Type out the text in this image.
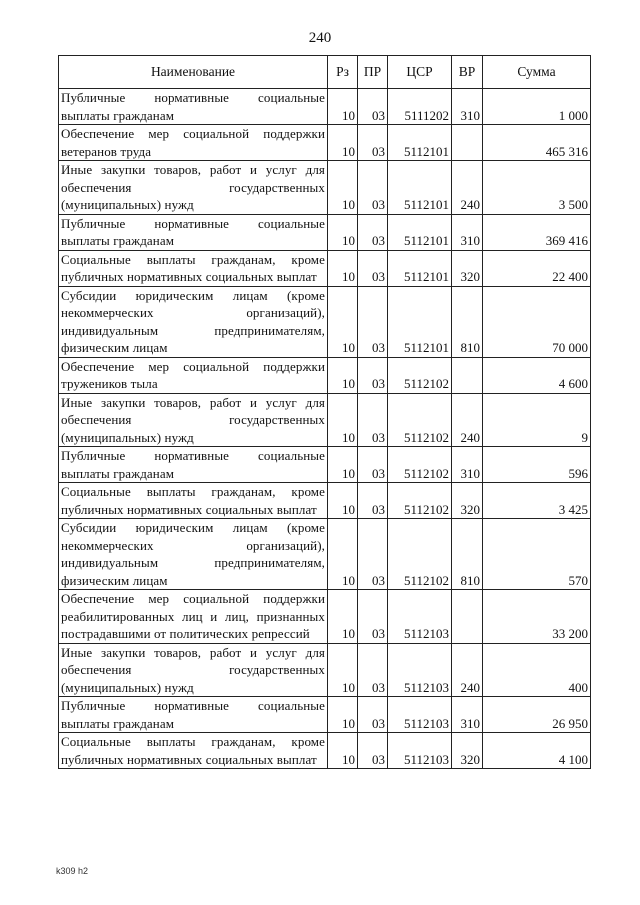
240
Наименование	Рз	ПР	ЦСР	ВР	Сумма
Публичные нормативные социальные выплаты гражданам	10	03	5111202	310	1 000
Обеспечение мер социальной поддержки ветеранов труда	10	03	5112101		465 316
Иные закупки товаров, работ и услуг для обеспечения государственных (муниципальных) нужд	10	03	5112101	240	3 500
Публичные нормативные социальные выплаты гражданам	10	03	5112101	310	369 416
Социальные выплаты гражданам, кроме публичных нормативных социальных выплат	10	03	5112101	320	22 400
Субсидии юридическим лицам (кроме некоммерческих организаций), индивидуальным предпринимателям, физическим лицам	10	03	5112101	810	70 000
Обеспечение мер социальной поддержки тружеников тыла	10	03	5112102		4 600
Иные закупки товаров, работ и услуг для обеспечения государственных (муниципальных) нужд	10	03	5112102	240	9
Публичные нормативные социальные выплаты гражданам	10	03	5112102	310	596
Социальные выплаты гражданам, кроме публичных нормативных социальных выплат	10	03	5112102	320	3 425
Субсидии юридическим лицам (кроме некоммерческих организаций), индивидуальным предпринимателям, физическим лицам	10	03	5112102	810	570
Обеспечение мер социальной поддержки реабилитированных лиц и лиц, признанных пострадавшими от политических репрессий	10	03	5112103		33 200
Иные закупки товаров, работ и услуг для обеспечения государственных (муниципальных) нужд	10	03	5112103	240	400
Публичные нормативные социальные выплаты гражданам	10	03	5112103	310	26 950
Социальные выплаты гражданам, кроме публичных нормативных социальных выплат	10	03	5112103	320	4 100
k309 h2
